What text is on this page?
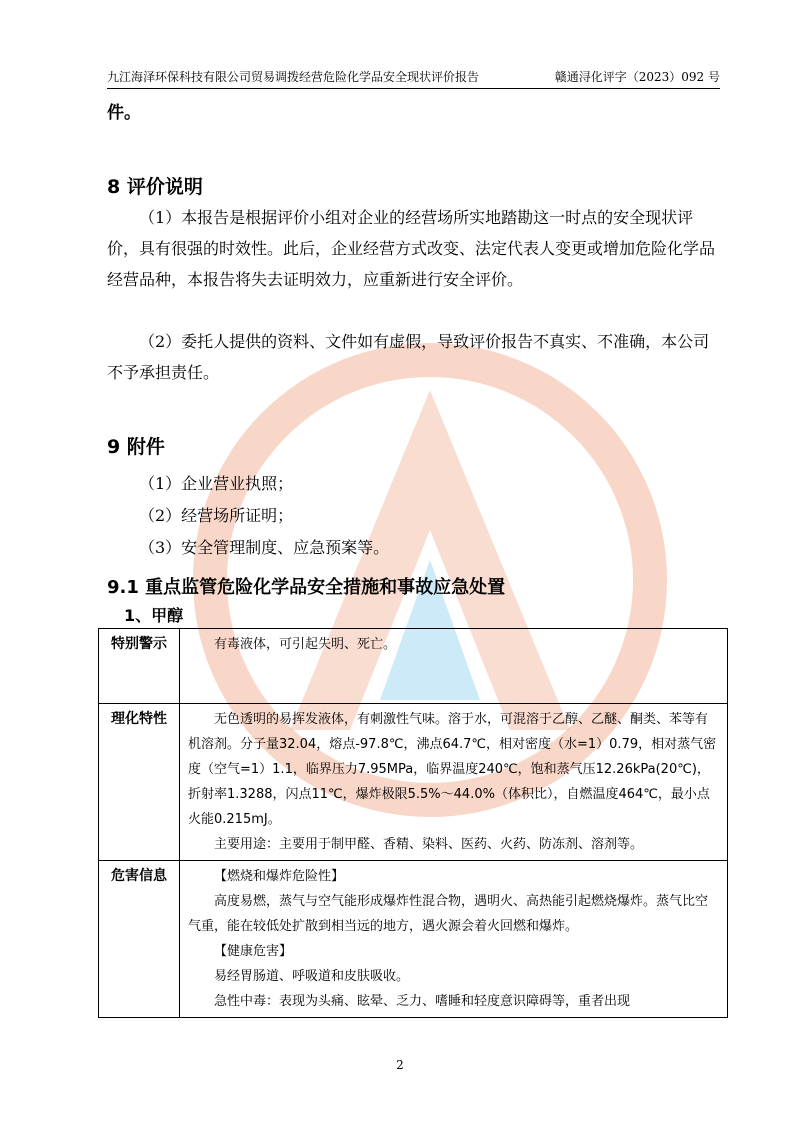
九江海泽环保科技有限公司贸易调拨经营危险化学品安全现状评价报告	赣通浔化评字（2023）092 号
件。
8 评价说明
（1）本报告是根据评价小组对企业的经营场所实地踏勘这一时点的安全现状评价，具有很强的时效性。此后，企业经营方式改变、法定代表人变更或增加危险化学品经营品种，本报告将失去证明效力，应重新进行安全评价。
（2）委托人提供的资料、文件如有虚假，导致评价报告不真实、不准确，本公司不予承担责任。
9 附件
（1）企业营业执照；
（2）经营场所证明；
（3）安全管理制度、应急预案等。
9.1 重点监管危险化学品安全措施和事故应急处置
1、甲醇
特别警示	有毒液体，可引起失明、死亡。

理化特性	无色透明的易挥发液体，有刺激性气味。溶于水，可混溶于乙醇、乙醚、酮类、苯等有机溶剂。分子量32.04，熔点-97.8℃，沸点64.7℃，相对密度（水=1）0.79，相对蒸气密度（空气=1）1.1，临界压力7.95MPa，临界温度240℃，饱和蒸气压12.26kPa(20℃)，折射率1.3288，闪点11℃，爆炸极限5.5%～44.0%（体积比），自燃温度464℃，最小点火能0.215mJ。
主要用途：主要用于制甲醛、香精、染料、医药、火药、防冻剂、溶剂等。

危害信息	【燃烧和爆炸危险性】
高度易燃，蒸气与空气能形成爆炸性混合物，遇明火、高热能引起燃烧爆炸。蒸气比空气重，能在较低处扩散到相当远的地方，遇火源会着火回燃和爆炸。
【健康危害】
易经胃肠道、呼吸道和皮肤吸收。
急性中毒：表现为头痛、眩晕、乏力、嗜睡和轻度意识障碍等，重者出现
2
